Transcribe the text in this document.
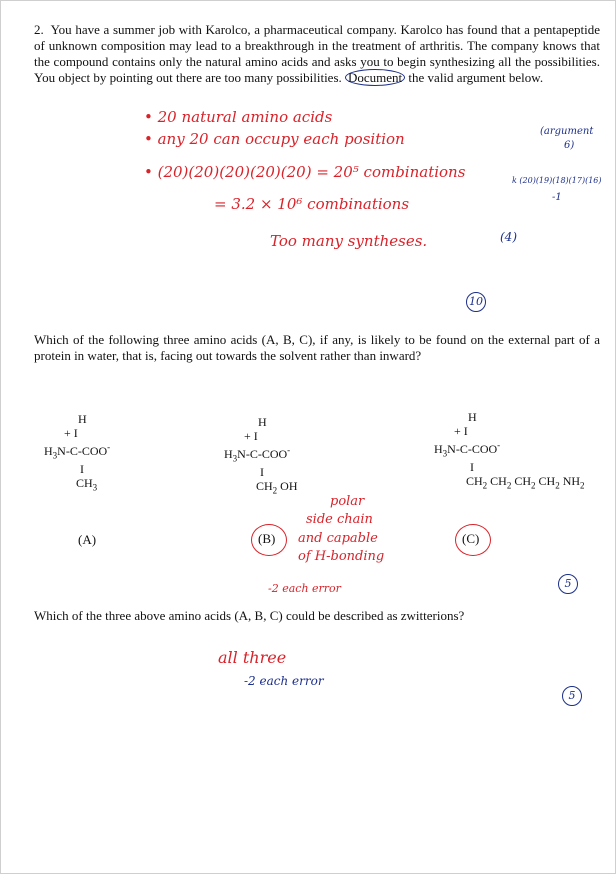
2. You have a summer job with Karolco, a pharmaceutical company. Karolco has found that a pentapeptide of unknown composition may lead to a breakthrough in the treatment of arthritis. The company knows that the compound contains only the natural amino acids and asks you to begin synthesizing all the possibilities. You object by pointing out there are too many possibilities. Document the valid argument below.
• 20 natural amino acids
• any 20 can occupy each position
• (20)(20)(20)(20)(20) = 20⁵ combinations
= 3.2 × 10⁶ combinations
Too many syntheses.	(4)
(argument
6)
k (20)(19)(18)(17)(16)
-1
10
Which of the following three amino acids (A, B, C), if any, is likely to be found on the external part of a protein in water, that is, facing out towards the solvent rather than inward?
H
+ I
$H_3N-C-COO^-$
I
$CH_3$
(A)
H
+ I
$H_3N-C-COO^-$
I
$CH_2$ OH
(B)
H
+ I
$H_3N-C-COO^-$
I
$CH_2$ $CH_2$ $CH_2$ $CH_2$ $NH_2$
(C)
polar
side chain
and capable
of H-bonding
-2 each error	5
Which of the three above amino acids (A, B, C) could be described as zwitterions?
all three
-2 each error
5
